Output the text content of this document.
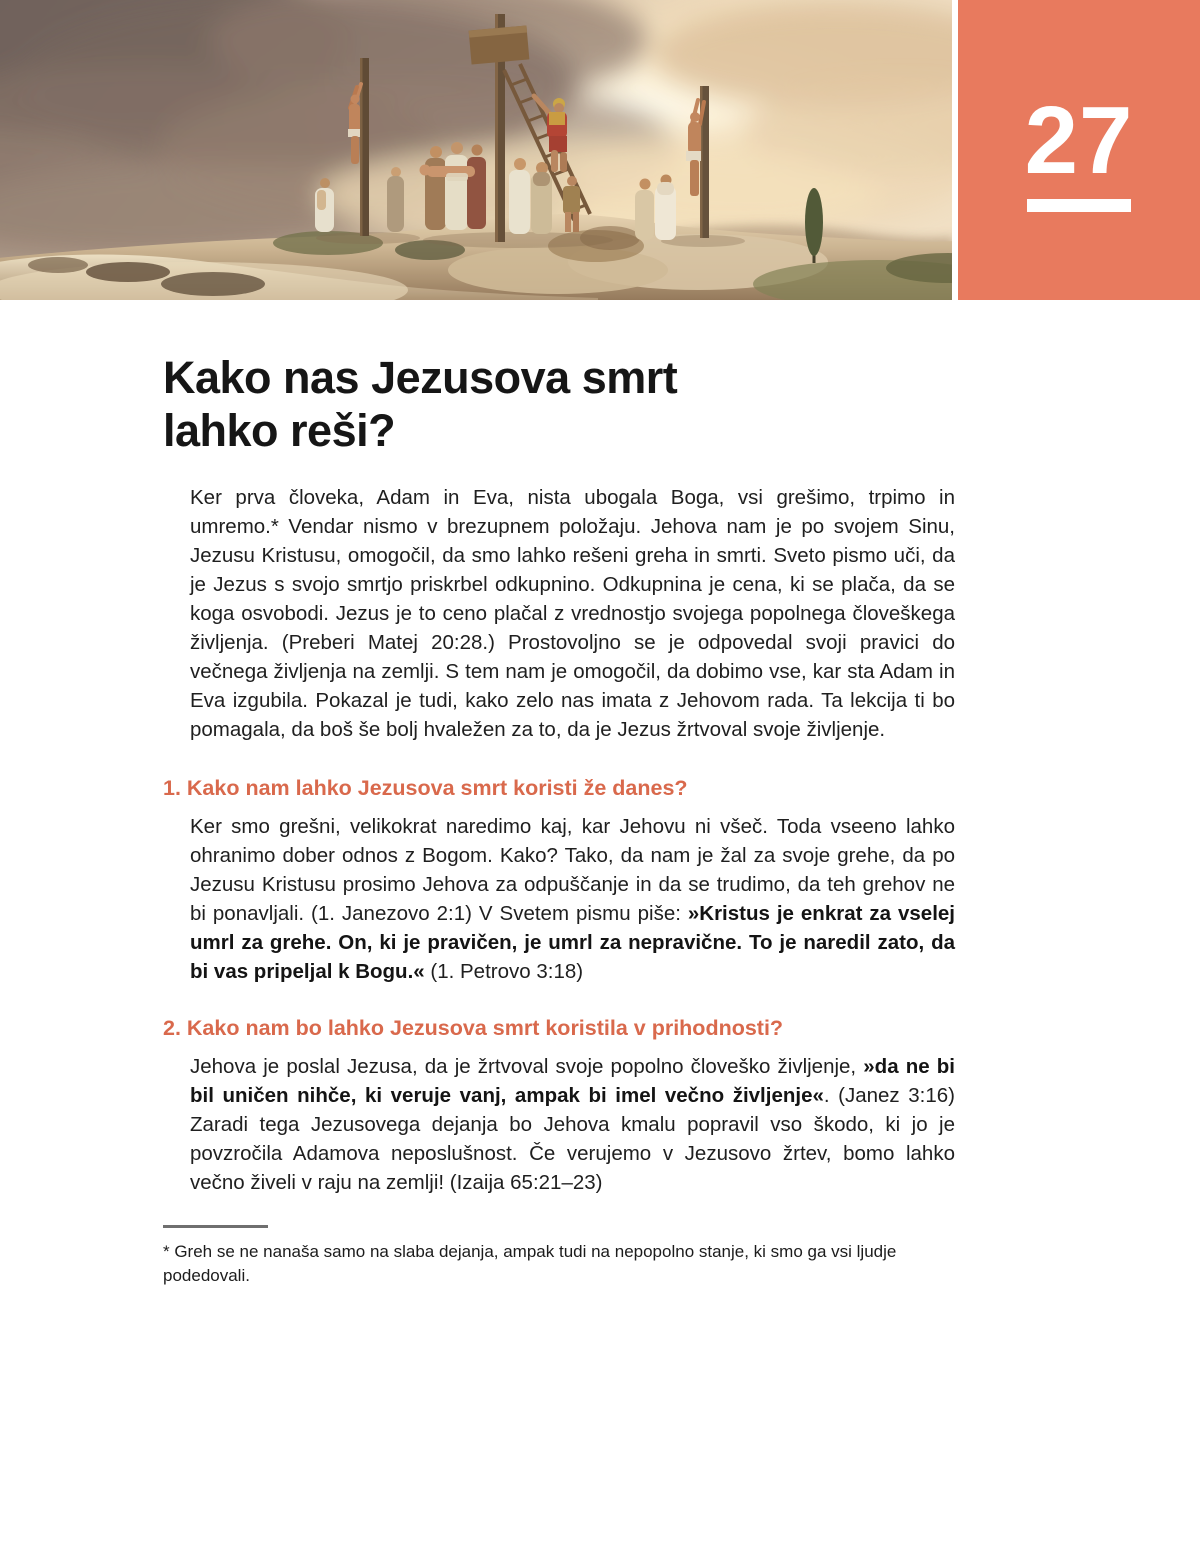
27
Kako nas Jezusova smrt
lahko reši?

Ker prva človeka, Adam in Eva, nista ubogala Boga, vsi grešimo, trpimo in umremo.* Vendar nismo v brezupnem položaju. Jehova nam je po svojem Sinu, Jezusu Kristusu, omogočil, da smo lahko rešeni greha in smrti. Sveto pismo uči, da je Jezus s svojo smrtjo priskrbel odkupnino. Odkupnina je cena, ki se plača, da se koga osvobodi. Jezus je to ceno plačal z vrednostjo svojega popolnega človeškega življenja. (Preberi Matej 20:28.) Prostovoljno se je odpovedal svoji pravici do večnega življenja na zemlji. S tem nam je omogočil, da dobimo vse, kar sta Adam in Eva izgubila. Pokazal je tudi, kako zelo nas imata z Jehovom rada. Ta lekcija ti bo pomagala, da boš še bolj hvaležen za to, da je Jezus žrtvoval svoje življenje.

1. Kako nam lahko Jezusova smrt koristi že danes?

Ker smo grešni, velikokrat naredimo kaj, kar Jehovu ni všeč. Toda vseeno lahko ohranimo dober odnos z Bogom. Kako? Tako, da nam je žal za svoje grehe, da po Jezusu Kristusu prosimo Jehova za odpuščanje in da se trudimo, da teh grehov ne bi ponavljali. (1. Janezovo 2:1) V Svetem pismu piše: »Kristus je enkrat za vselej umrl za grehe. On, ki je pravičen, je umrl za nepravične. To je naredil zato, da bi vas pripeljal k Bogu.« (1. Petrovo 3:18)

2. Kako nam bo lahko Jezusova smrt koristila v prihodnosti?

Jehova je poslal Jezusa, da je žrtvoval svoje popolno človeško življenje, »da ne bi bil uničen nihče, ki veruje vanj, ampak bi imel večno življenje«. (Janez 3:16) Zaradi tega Jezusovega dejanja bo Jehova kmalu popravil vso škodo, ki jo je povzročila Adamova neposlušnost. Če verujemo v Jezusovo žrtev, bomo lahko večno živeli v raju na zemlji! (Izaija 65:21–23)

* Greh se ne nanaša samo na slaba dejanja, ampak tudi na nepopolno stanje, ki smo ga vsi ljudje podedovali.
